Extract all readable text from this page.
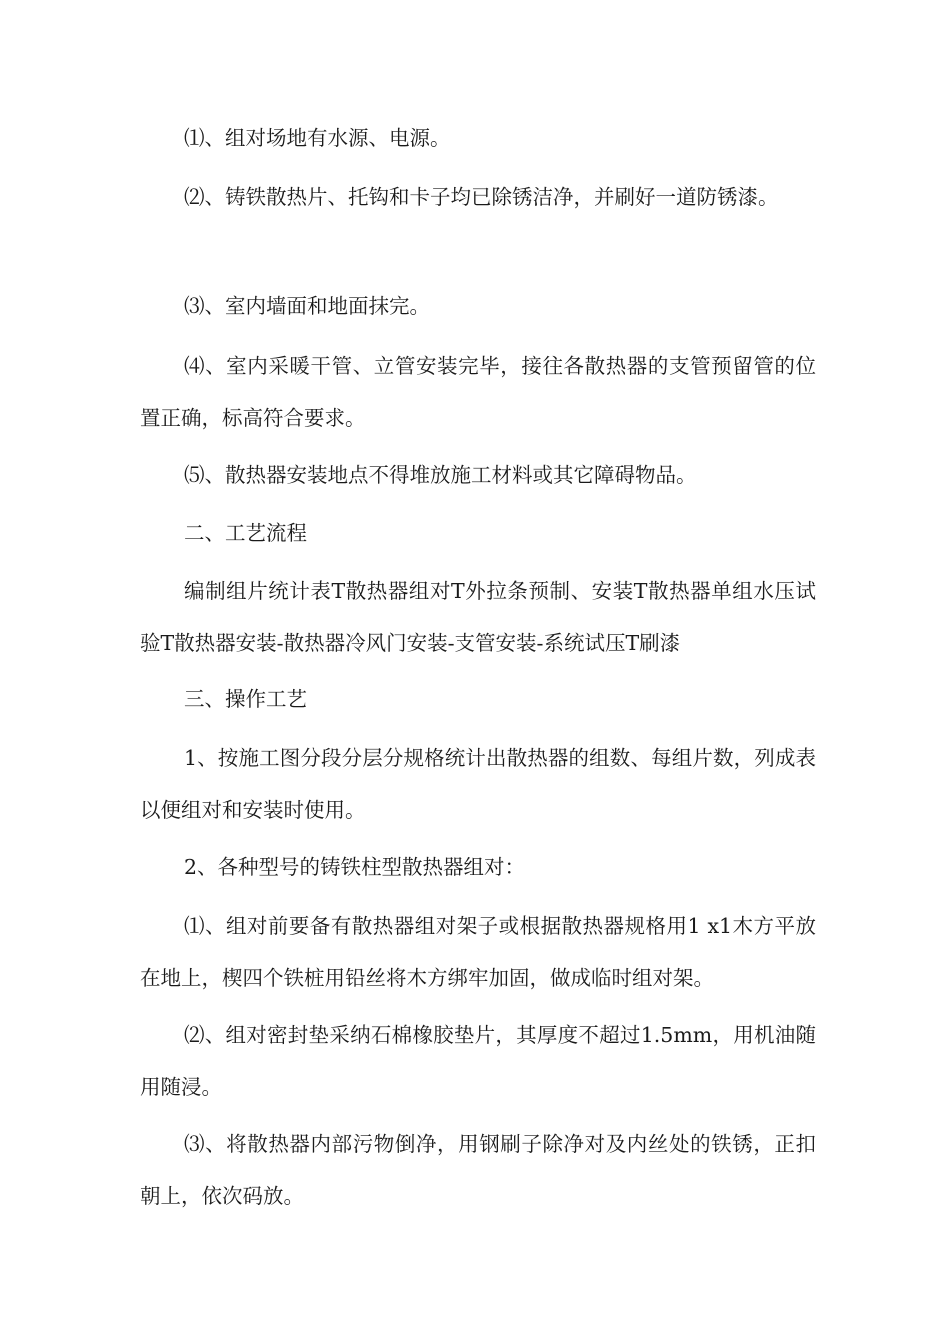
⑴、组对场地有水源、电源。

⑵、铸铁散热片、托钩和卡子均已除锈洁净，并刷好一道防锈漆。

⑶、室内墙面和地面抹完。

⑷、室内采暖干管、立管安装完毕，接往各散热器的支管预留管的位置正确，标高符合要求。

⑸、散热器安装地点不得堆放施工材料或其它障碍物品。

二、工艺流程

编制组片统计表T散热器组对T外拉条预制、安装T散热器单组水压试验T散热器安装-散热器冷风门安装-支管安装-系统试压T刷漆

三、操作工艺

1、按施工图分段分层分规格统计出散热器的组数、每组片数，列成表以便组对和安装时使用。

2、各种型号的铸铁柱型散热器组对：

⑴、组对前要备有散热器组对架子或根据散热器规格用1 x1木方平放在地上，楔四个铁桩用铅丝将木方绑牢加固，做成临时组对架。

⑵、组对密封垫采纳石棉橡胶垫片，其厚度不超过1.5mm，用机油随用随浸。

⑶、将散热器内部污物倒净，用钢刷子除净对及内丝处的铁锈，正扣朝上，依次码放。
